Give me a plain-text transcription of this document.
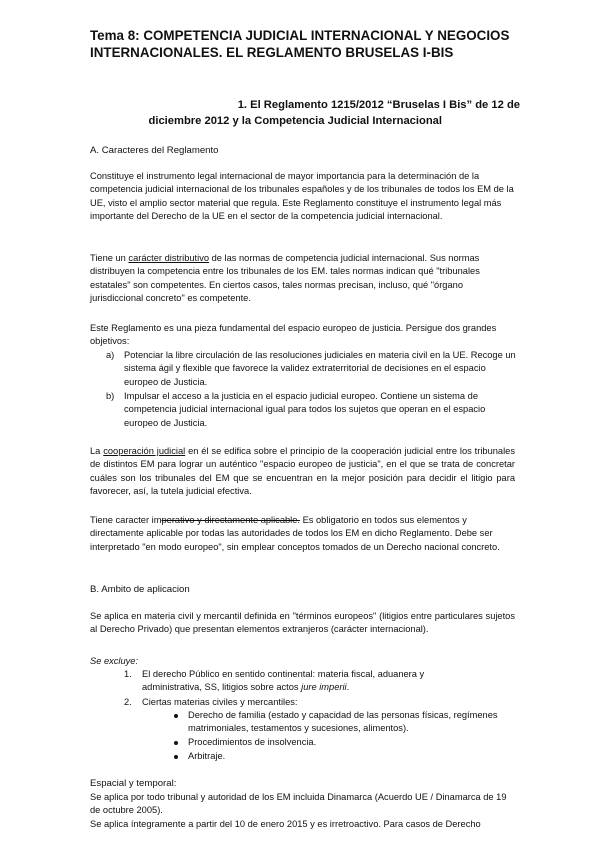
Tema 8: COMPETENCIA JUDICIAL INTERNACIONAL Y NEGOCIOS INTERNACIONALES. EL REGLAMENTO BRUSELAS I-BIS
1. El Reglamento 1215/2012 “Bruselas I Bis” de 12 de

diciembre 2012 y la Competencia Judicial Internacional
A. Caracteres del Reglamento
Constituye el instrumento legal internacional de mayor importancia para la determinación de la competencia judicial internacional de los tribunales españoles y de los tribunales de todos los EM de la UE, visto el amplio sector material que regula. Este Reglamento constituye el instrumento legal más importante del Derecho de la UE en el sector de la competencia judicial internacional.
Tiene un carácter distributivo de las normas de competencia judicial internacional. Sus normas distribuyen la competencia entre los tribunales de los EM. tales normas indican qué "tribunales estatales" son competentes. En ciertos casos, tales normas precisan, incluso, qué "órgano jurisdiccional concreto" es competente.
Este Reglamento es una pieza fundamental del espacio europeo de justicia. Persigue dos grandes objetivos:
a) Potenciar la libre circulación de las resoluciones judiciales en materia civil en la UE. Recoge un sistema ágil y flexible que favorece la validez extraterritorial de decisiones en el espacio europeo de Justicia.
b) Impulsar el acceso a la justicia en el espacio judicial europeo. Contiene un sistema de competencia judicial internacional igual para todos los sujetos que operan en el espacio europeo de Justicia.
La cooperación judicial en él se edifica sobre el principio de la cooperación judicial entre los tribunales de distintos EM para lograr un auténtico "espacio europeo de justicia", en el que se trata de concretar cuáles son los tribunales del EM que se encuentran en la mejor posición para decidir el litigio para favorecer, así, la tutela judicial efectiva.
Tiene caracter imperativo y directamente aplicable. Es obligatorio en todos sus elementos y directamente aplicable por todas las autoridades de todos los EM en dicho Reglamento. Debe ser interpretado "en modo europeo", sin emplear conceptos tomados de un Derecho nacional concreto.
B. Ambito de aplicacion
Se aplica en materia civil y mercantil definida en "términos europeos" (litigios entre particulares sujetos al Derecho Privado) que presentan elementos extranjeros (carácter internacional).
Se excluye:
1. El derecho Público en sentido continental: materia fiscal, aduanera y administrativa, SS, litigios sobre actos jure imperii.
2. Ciertas materias civiles y mercantiles:
Derecho de familia (estado y capacidad de las personas físicas, regímenes matrimoniales, testamentos y sucesiones, alimentos).
Procedimientos de insolvencia.
Arbitraje.
Espacial y temporal:
Se aplica por todo tribunal y autoridad de los EM incluida Dinamarca (Acuerdo UE / Dinamarca de 19 de octubre 2005).
Se aplica íntegramente a partir del 10 de enero 2015 y es irretroactivo. Para casos de Derecho
